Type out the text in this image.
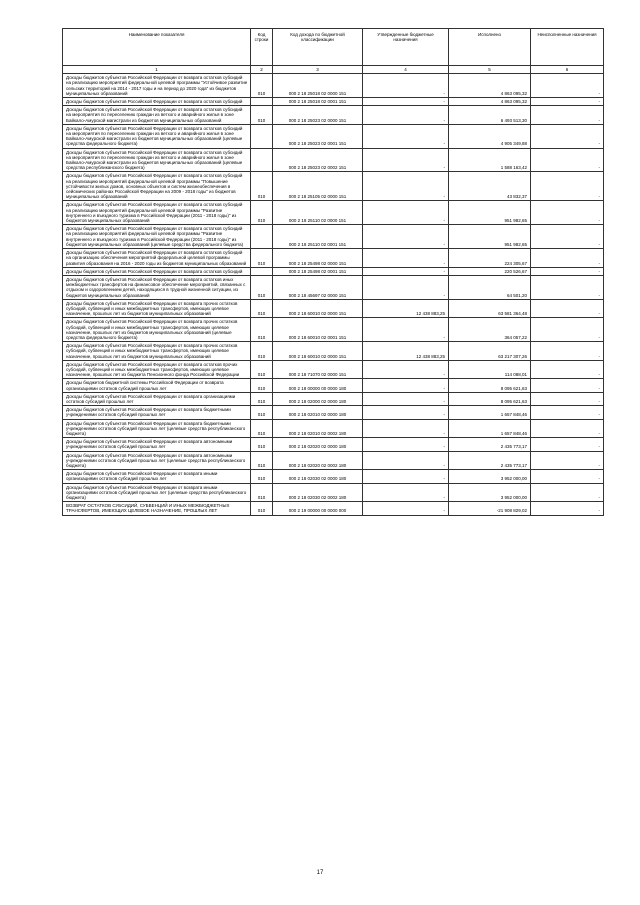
Наименование показателя	Код строки	Код дохода по бюджетной классификации	Утвержденные бюджетные назначения	Исполнено	Неисполненные назначения
1	2	3	4	5	6
Доходы бюджетов субъектов Российской Федерации от возврата остатков субсидий на реализацию мероприятий федеральной целевой программы "Устойчивое развитие сельских территорий на 2014 - 2017 годы и на период до 2020 года" из бюджетов муниципальных образований	010	000 2 18 25018 02 0000 151	-	4 863 095,32	-
Доходы бюджетов субъектов Российской Федерации от возврата остатков субсидий		000 2 18 25018 02 0001 151	-	4 863 095,32	-
Доходы бюджетов субъектов Российской Федерации от возврата остатков субсидий на мероприятия по переселению граждан из ветхого и аварийного жилья в зоне Байкало-Амурской магистрали из бюджетов муниципальных образований	010	000 2 18 25023 02 0000 151	-	6 493 513,30	-
Доходы бюджетов субъектов Российской Федерации от возврата остатков субсидий на мероприятия по переселению граждан из ветхого и аварийного жилья в зоне Байкало-Амурской магистрали из бюджетов муниципальных образований (целевые средства федерального бюджета)		000 2 18 25023 02 0001 151	-	4 905 349,88	-
Доходы бюджетов субъектов Российской Федерации от возврата остатков субсидий на мероприятия по переселению граждан из ветхого и аварийного жилья в зоне Байкало-Амурской магистрали из бюджетов муниципальных образований (целевые средства республиканского бюджета)		000 2 18 25023 02 0002 151	-	1 588 163,42	-
Доходы бюджетов субъектов Российской Федерации от возврата остатков субсидий на реализацию мероприятий федеральной целевой программы "Повышение устойчивости жилых домов, основных объектов и систем жизнеобеспечения в сейсмических районах Российской Федерации на 2009 - 2018 годы" из бюджетов муниципальных образований	010	000 2 18 25105 02 0000 151	-	43 832,37	-
Доходы бюджетов субъектов Российской Федерации от возврата остатков субсидий на реализацию мероприятий федеральной целевой программы "Развитие внутреннего и въездного туризма в Российской Федерации (2011 - 2018 годы)" из бюджетов муниципальных образований	010	000 2 18 25110 02 0000 151	-	951 982,65	-
Доходы бюджетов субъектов Российской Федерации от возврата остатков субсидий на реализацию мероприятий федеральной целевой программы "Развитие внутреннего и въездного туризма в Российской Федерации (2011 - 2018 годы)" из бюджетов муниципальных образований (целевые средства федерального бюджета)		000 2 18 25110 02 0001 151	-	951 982,65	-
Доходы бюджетов субъектов Российской Федерации от возврата остатков субсидий на организацию обеспечения мероприятий федеральной целевой программы развития образования на 2016 - 2020 годы из бюджетов муниципальных образований	010	000 2 18 25498 02 0000 151	-	224 305,67	-
Доходы бюджетов субъектов Российской Федерации от возврата остатков субсидий		000 2 18 25498 02 0001 151	-	220 526,67	-
Доходы бюджетов субъектов Российской Федерации от возврата остатков иных межбюджетных трансфертов на финансовое обеспечение мероприятий, связанных с отдыхом и оздоровлением детей, находящихся в трудной жизненной ситуации, из бюджетов муниципальных образований	010	000 2 18 45697 02 0000 151	-	64 501,20	-
Доходы бюджетов субъектов Российской Федерации от возврата прочих остатков субсидий, субвенций и иных межбюджетных трансфертов, имеющих целевое назначение, прошлых лет из бюджетов муниципальных образований	010	000 2 18 60010 02 0000 151	12 438 883,25	63 581 364,48	-
Доходы бюджетов субъектов Российской Федерации от возврата прочих остатков субсидий, субвенций и иных межбюджетных трансфертов, имеющих целевое назначение, прошлых лет из бюджетов муниципальных образований (целевые средства федерального бюджета)	010	000 2 18 60010 02 0001 151	-	364 057,22	-
Доходы бюджетов субъектов Российской Федерации от возврата прочих остатков субсидий, субвенций и иных межбюджетных трансфертов, имеющих целевое назначение, прошлых лет из бюджетов муниципальных образований	010	000 2 18 60010 02 0000 151	12 438 883,25	63 217 307,26	-
Доходы бюджетов субъектов Российской Федерации от возврата остатков прочих субсидий, субвенций и иных межбюджетных трансфертов, имеющих целевое назначение, прошлых лет из бюджета Пенсионного фонда Российской Федерации	010	000 2 18 71070 02 0000 151	-	114 088,01	-
Доходы бюджетов бюджетной системы Российской Федерации от возврата организациями остатков субсидий прошлых лет	010	000 2 18 00000 00 0000 180	-	8 095 621,63	-
Доходы бюджетов субъектов Российской Федерации от возврата организациями остатков субсидий прошлых лет	010	000 2 18 02000 02 0000 180	-	8 095 621,63	-
Доходы бюджетов субъектов Российской Федерации от возврата бюджетными учреждениями остатков субсидий прошлых лет	010	000 2 18 02010 02 0000 180	-	1 657 848,46	-
Доходы бюджетов субъектов Российской Федерации от возврата бюджетными учреждениями остатков субсидий прошлых лет (целевые средства республиканского бюджета)	010	000 2 18 02010 02 0002 180	-	1 657 848,46	-
Доходы бюджетов субъектов Российской Федерации от возврата автономными учреждениями остатков субсидий прошлых лет	010	000 2 18 02020 02 0000 180	-	2 435 773,17	-
Доходы бюджетов субъектов Российской Федерации от возврата автономными учреждениями остатков субсидий прошлых лет (целевые средства республиканского бюджета)	010	000 2 18 02020 02 0002 180	-	2 435 773,17	-
Доходы бюджетов субъектов Российской Федерации от возврата иными организациями остатков субсидий прошлых лет	010	000 2 18 02030 02 0000 180	-	3 952 000,00	-
Доходы бюджетов субъектов Российской Федерации от возврата иными организациями остатков субсидий прошлых лет (целевые средства республиканского бюджета)	010	000 2 18 02030 02 0002 180	-	3 952 000,00	-
ВОЗВРАТ ОСТАТКОВ СУБСИДИЙ, СУБВЕНЦИЙ И ИНЫХ МЕЖБЮДЖЕТНЫХ ТРАНСФЕРТОВ, ИМЕЮЩИХ ЦЕЛЕВОЕ НАЗНАЧЕНИЕ, ПРОШЛЫХ ЛЕТ	010	000 2 19 00000 00 0000 000	-	-21 908 829,02	-
17
